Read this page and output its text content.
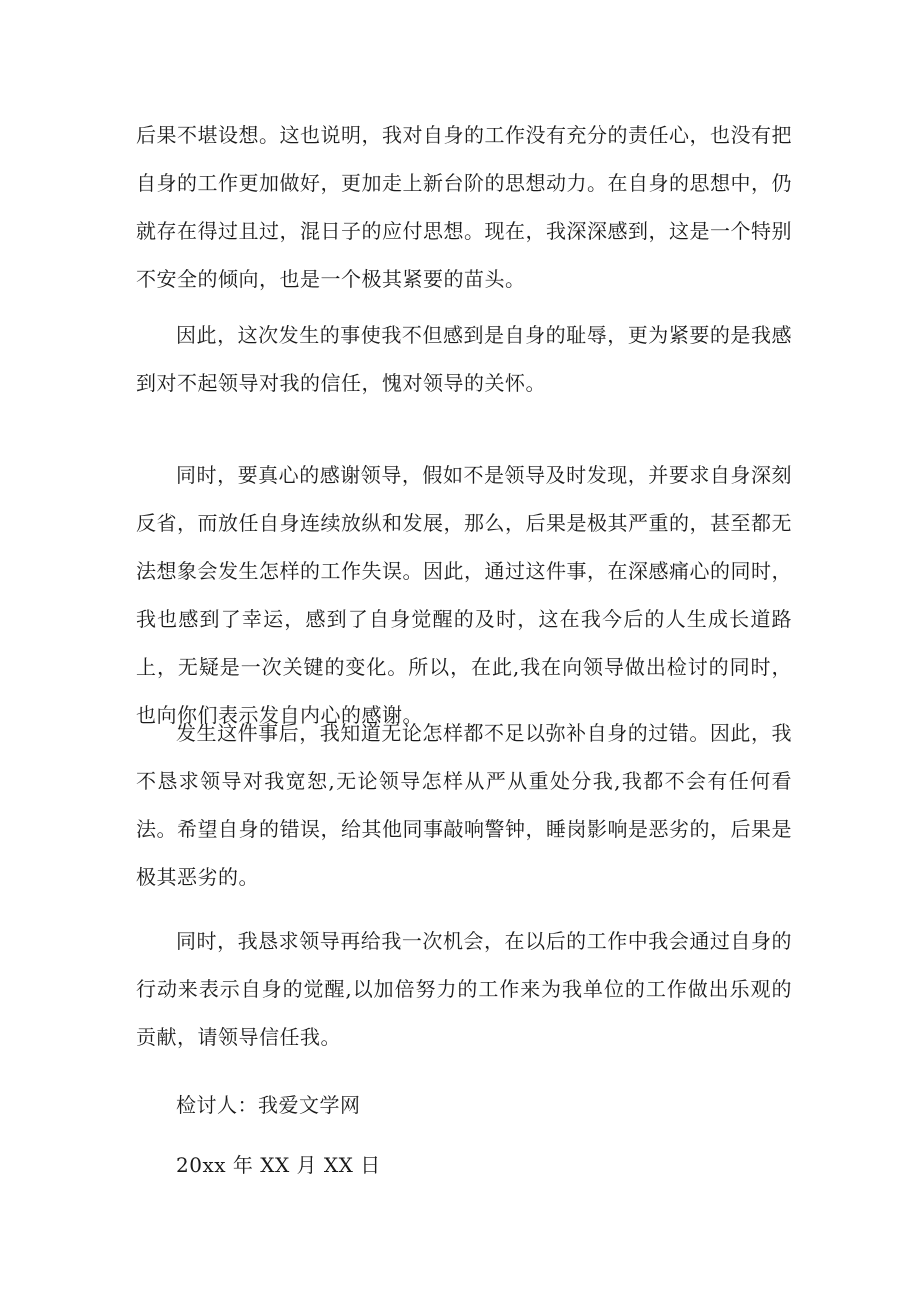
后果不堪设想。这也说明，我对自身的工作没有充分的责任心，也没有把自身的工作更加做好，更加走上新台阶的思想动力。在自身的思想中，仍就存在得过且过，混日子的应付思想。现在，我深深感到，这是一个特别不安全的倾向，也是一个极其紧要的苗头。

因此，这次发生的事使我不但感到是自身的耻辱，更为紧要的是我感到对不起领导对我的信任，愧对领导的关怀。

同时，要真心的感谢领导，假如不是领导及时发现，并要求自身深刻反省，而放任自身连续放纵和发展，那么，后果是极其严重的，甚至都无法想象会发生怎样的工作失误。因此，通过这件事，在深感痛心的同时，我也感到了幸运，感到了自身觉醒的及时，这在我今后的人生成长道路上，无疑是一次关键的变化。所以，在此,我在向领导做出检讨的同时，也向你们表示发自内心的感谢。

发生这件事后，我知道无论怎样都不足以弥补自身的过错。因此，我不恳求领导对我宽恕,无论领导怎样从严从重处分我,我都不会有任何看法。希望自身的错误，给其他同事敲响警钟，睡岗影响是恶劣的，后果是极其恶劣的。

同时，我恳求领导再给我一次机会，在以后的工作中我会通过自身的行动来表示自身的觉醒,以加倍努力的工作来为我单位的工作做出乐观的贡献，请领导信任我。

检讨人：我爱文学网
20xx 年 XX 月 XX 日
